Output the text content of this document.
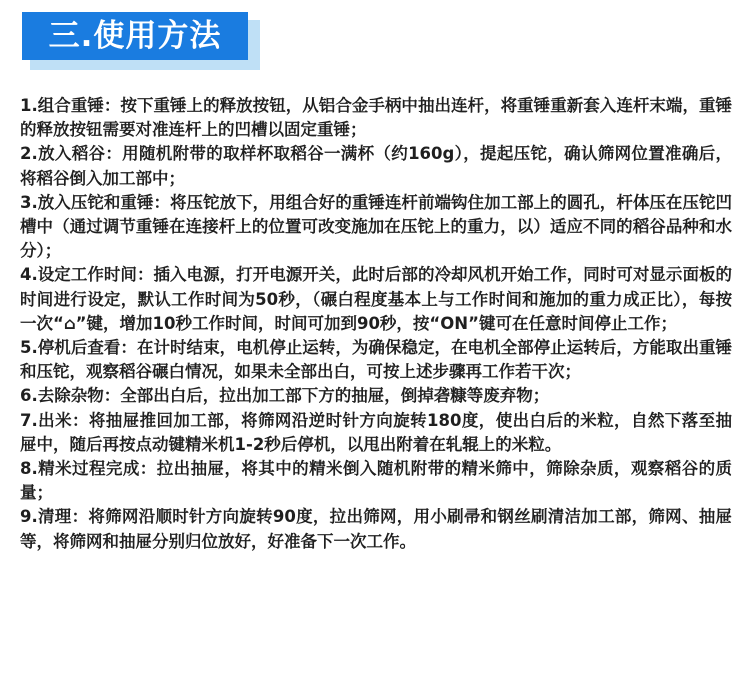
三.使用方法

1.组合重锤：按下重锤上的释放按钮，从铝合金手柄中抽出连杆，将重锤重新套入连杆末端，重锤的释放按钮需要对准连杆上的凹槽以固定重锤；

2.放入稻谷：用随机附带的取样杯取稻谷一满杯（约160g），提起压铊，确认筛网位置准确后，将稻谷倒入加工部中；

3.放入压铊和重锤：将压铊放下，用组合好的重锤连杆前端钩住加工部上的圆孔，杆体压在压铊凹槽中（通过调节重锤在连接杆上的位置可改变施加在压铊上的重力，以）适应不同的稻谷品种和水分）；

4.设定工作时间：插入电源，打开电源开关，此时后部的冷却风机开始工作，同时可对显示面板的时间进行设定，默认工作时间为50秒，（碾白程度基本上与工作时间和施加的重力成正比），每按一次“⌂”键，增加10秒工作时间，时间可加到90秒，按“ON”键可在任意时间停止工作；

5.停机后查看：在计时结束，电机停止运转，为确保稳定，在电机全部停止运转后，方能取出重锤和压铊，观察稻谷碾白情况，如果未全部出白，可按上述步骤再工作若干次；

6.去除杂物：全部出白后，拉出加工部下方的抽屉，倒掉砻糠等废弃物；

7.出米：将抽屉推回加工部，将筛网沿逆时针方向旋转180度，使出白后的米粒，自然下落至抽屉中，随后再按点动键精米机1-2秒后停机，以甩出附着在轧辊上的米粒。

8.精米过程完成：拉出抽屉，将其中的精米倒入随机附带的精米筛中，筛除杂质，观察稻谷的质量；

9.清理：将筛网沿顺时针方向旋转90度，拉出筛网，用小刷帚和钢丝刷清洁加工部，筛网、抽屉等，将筛网和抽屉分别归位放好，好准备下一次工作。
